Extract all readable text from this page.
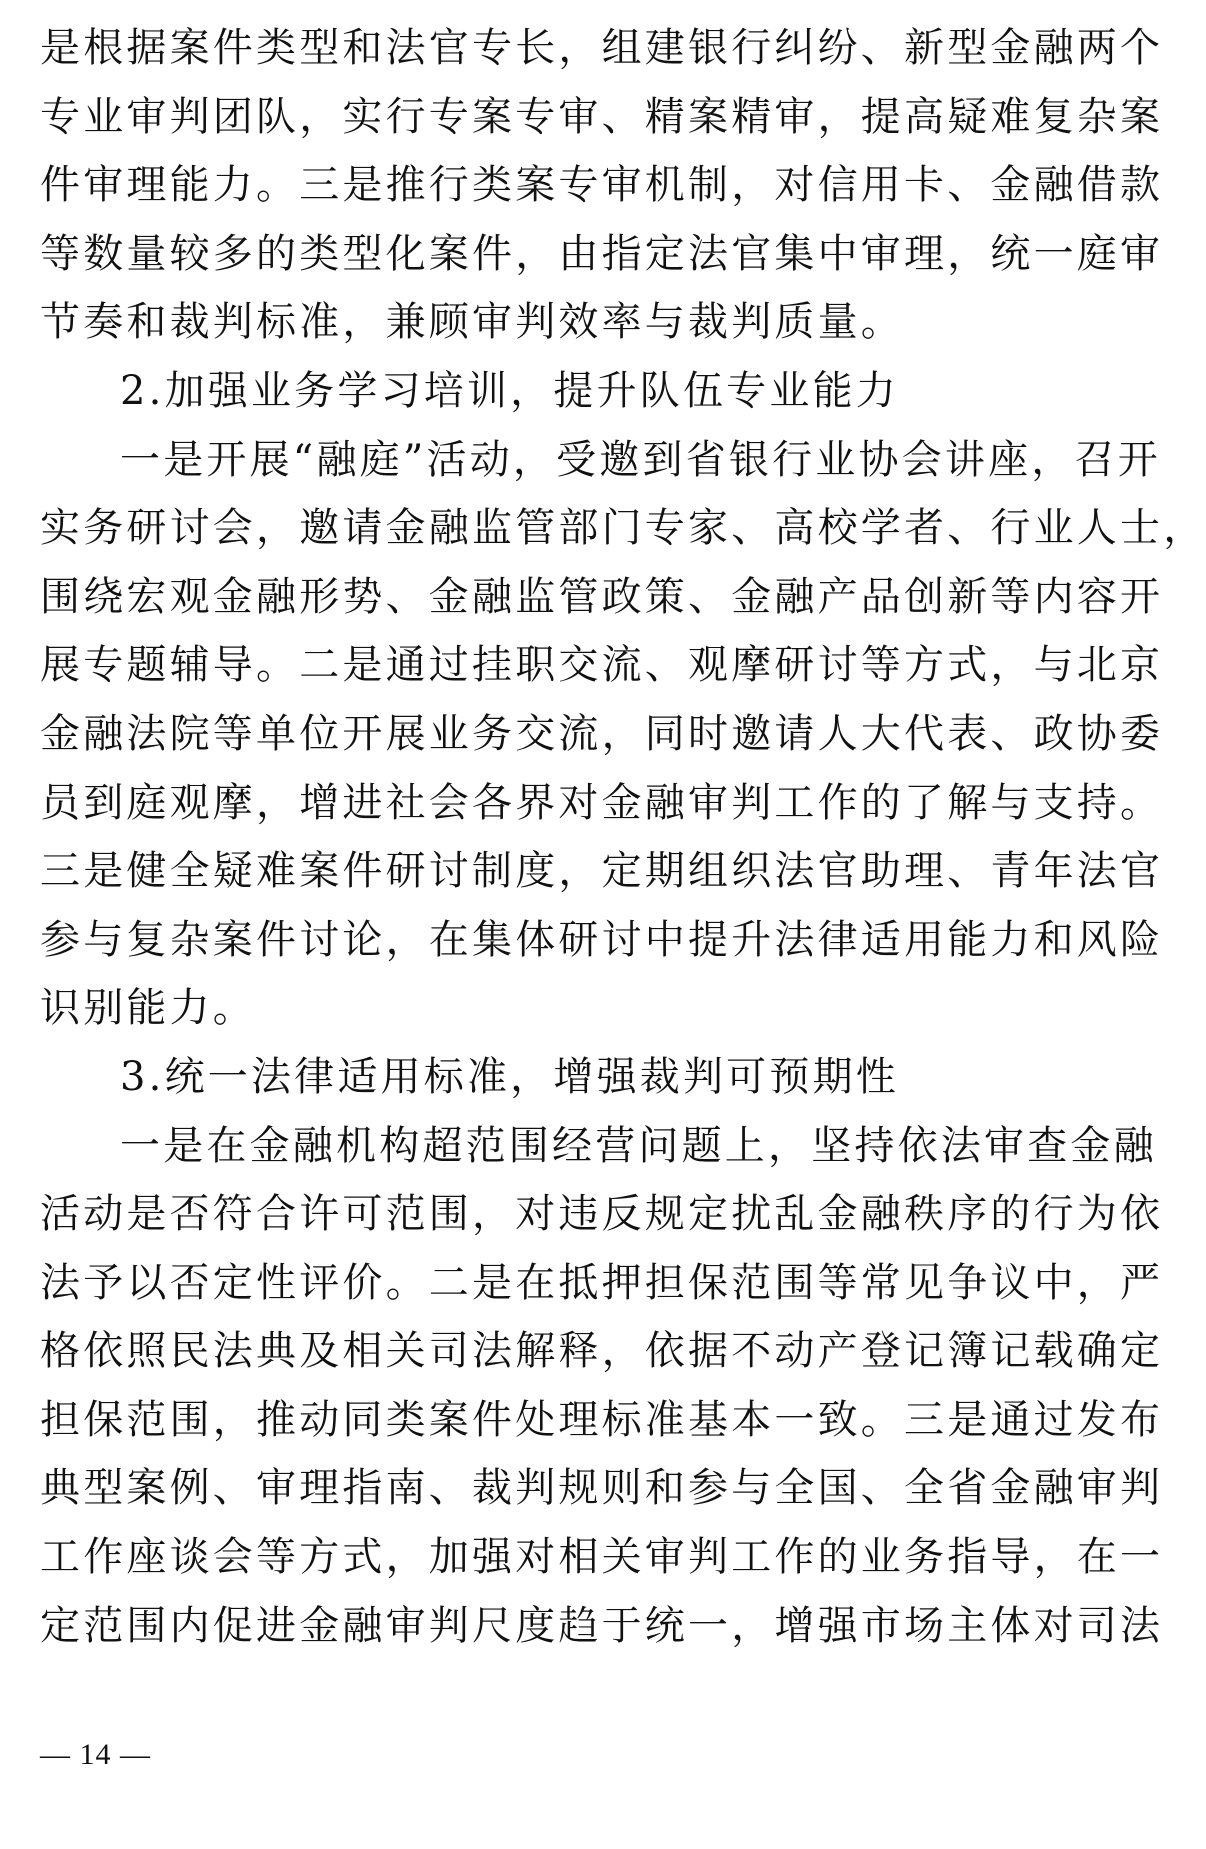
是根据案件类型和法官专长，组建银行纠纷、新型金融两个
专业审判团队，实行专案专审、精案精审，提高疑难复杂案
件审理能力。三是推行类案专审机制，对信用卡、金融借款
等数量较多的类型化案件，由指定法官集中审理，统一庭审
节奏和裁判标准，兼顾审判效率与裁判质量。
2.加强业务学习培训，提升队伍专业能力
一是开展“融庭”活动，受邀到省银行业协会讲座，召开
实务研讨会，邀请金融监管部门专家、高校学者、行业人士，
围绕宏观金融形势、金融监管政策、金融产品创新等内容开
展专题辅导。二是通过挂职交流、观摩研讨等方式，与北京
金融法院等单位开展业务交流，同时邀请人大代表、政协委
员到庭观摩，增进社会各界对金融审判工作的了解与支持。
三是健全疑难案件研讨制度，定期组织法官助理、青年法官
参与复杂案件讨论，在集体研讨中提升法律适用能力和风险
识别能力。
3.统一法律适用标准，增强裁判可预期性
一是在金融机构超范围经营问题上，坚持依法审查金融
活动是否符合许可范围，对违反规定扰乱金融秩序的行为依
法予以否定性评价。二是在抵押担保范围等常见争议中，严
格依照民法典及相关司法解释，依据不动产登记簿记载确定
担保范围，推动同类案件处理标准基本一致。三是通过发布
典型案例、审理指南、裁判规则和参与全国、全省金融审判
工作座谈会等方式，加强对相关审判工作的业务指导，在一
定范围内促进金融审判尺度趋于统一，增强市场主体对司法
— 14 —
